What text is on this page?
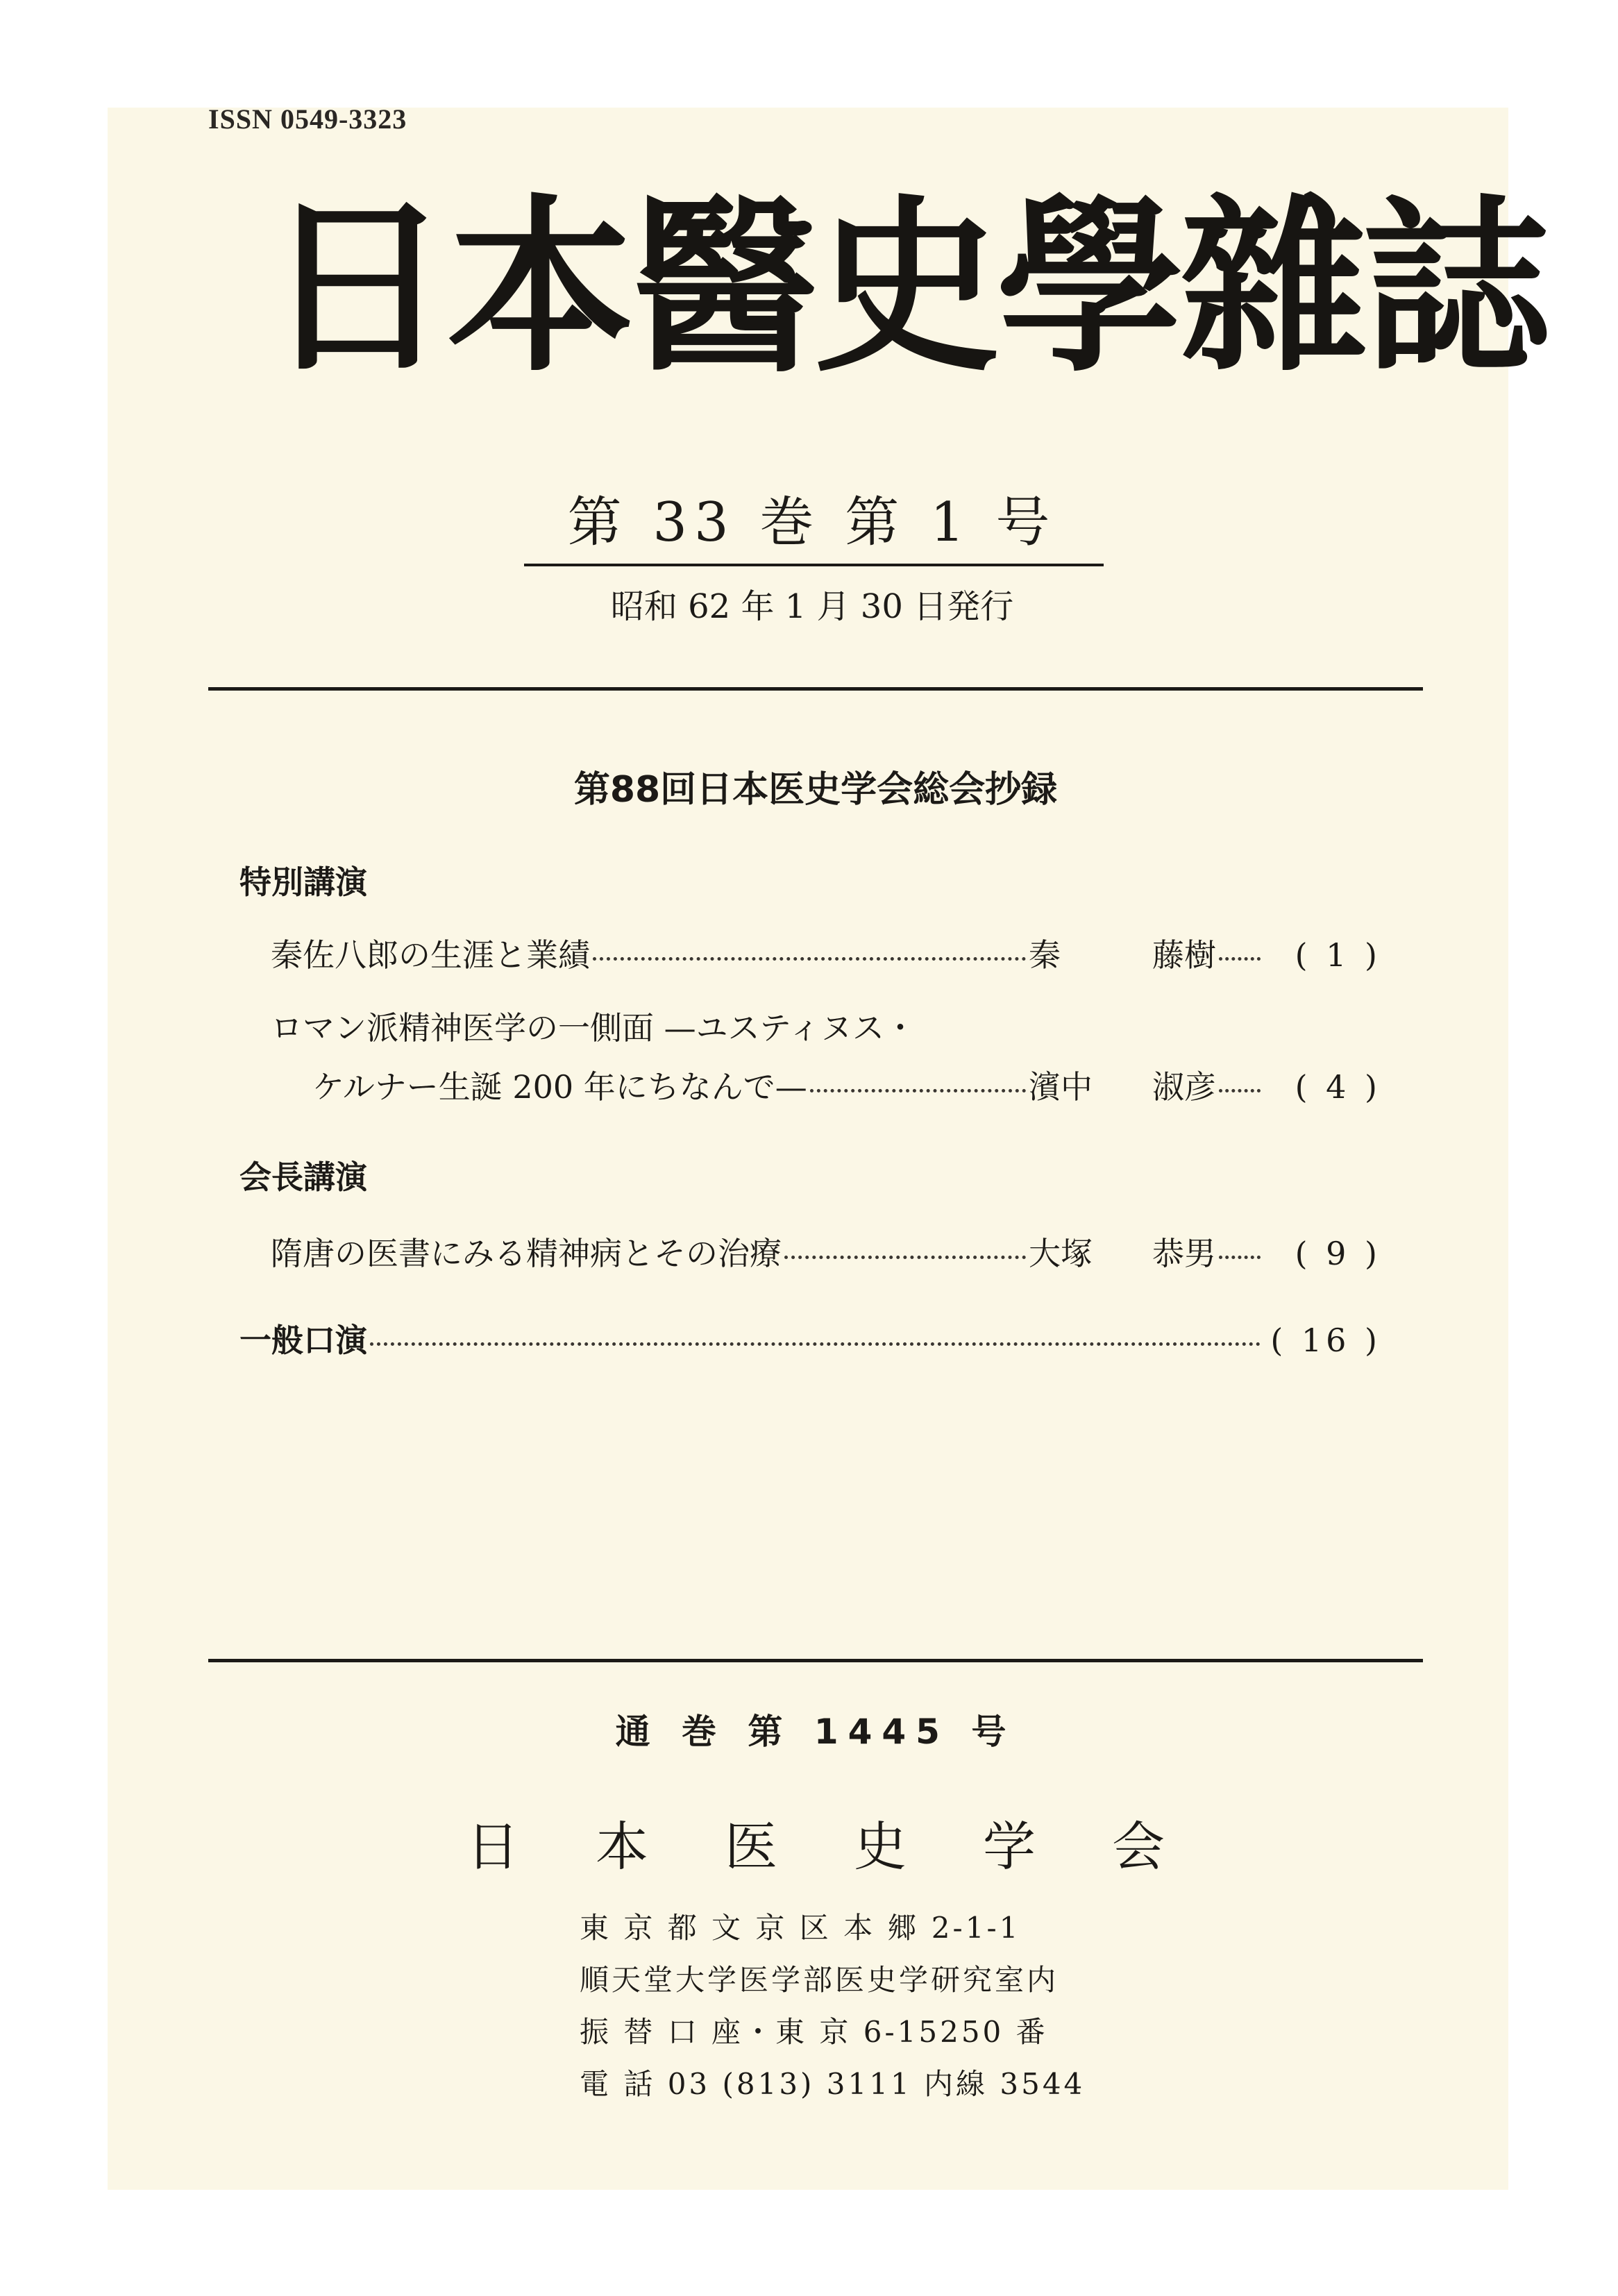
ISSN 0549-3323
日本醫史學雜誌
第 33 巻 第 1 号
昭和 62 年 1 月 30 日発行
第88回日本医史学会総会抄録
特別講演
秦佐八郎の生涯と業績	秦	藤樹	( 1 )
ロマン派精神医学の一側面 —ユスティヌス・
ケルナー生誕 200 年にちなんで—	濱中 淑彦	( 4 )
会長講演
隋唐の医書にみる精神病とその治療	大塚 恭男	( 9 )
一般口演	( 16 )
通 巻 第 1445 号
日本医史学会
東 京 都 文 京 区 本 郷 2-1-1
順天堂大学医学部医史学研究室内
振 替 口 座・東 京 6-15250 番
電 話 03 (813) 3111 内線 3544
